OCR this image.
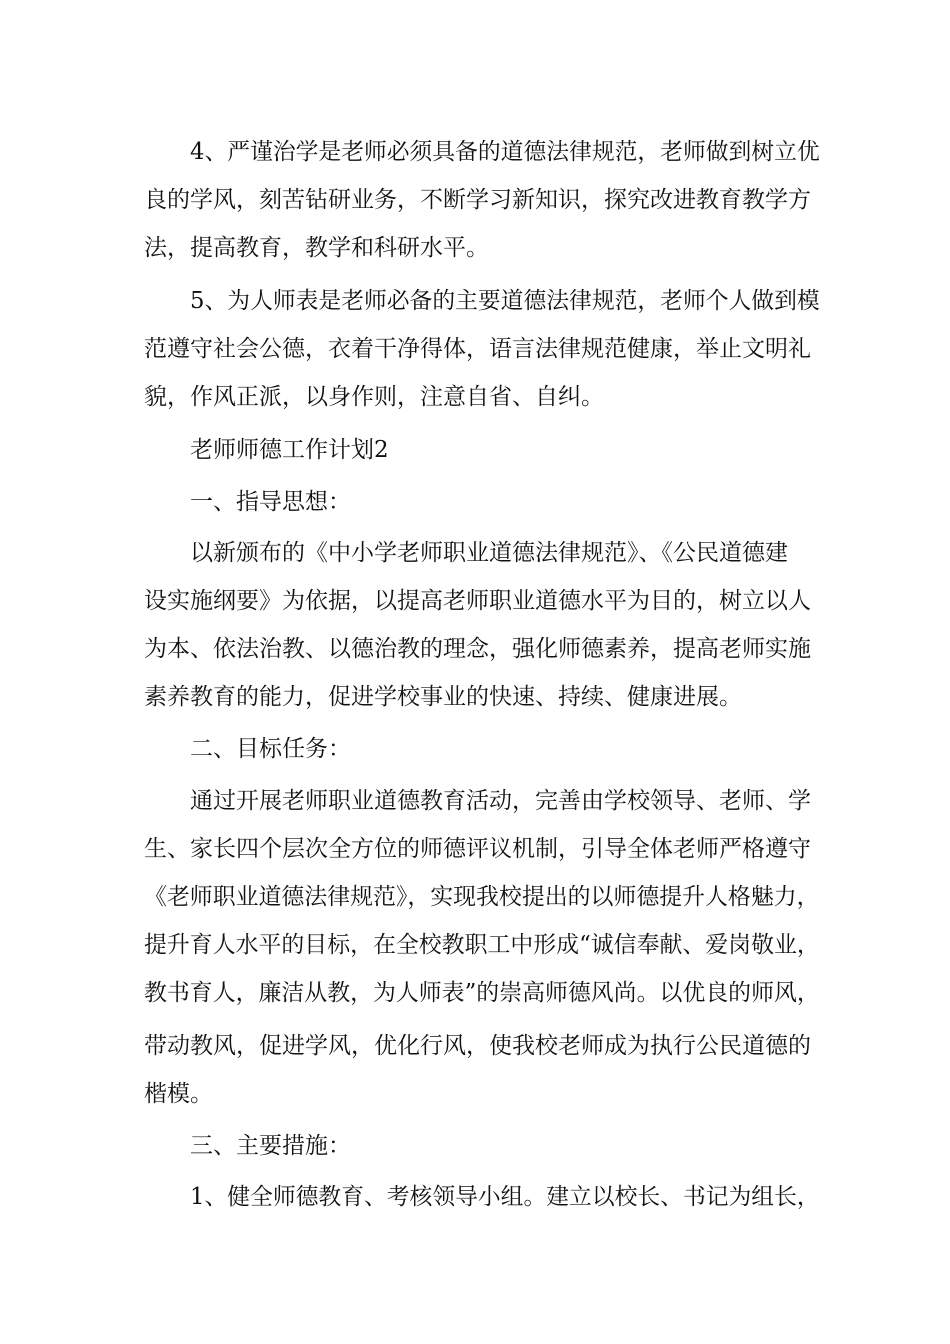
4、严谨治学是老师必须具备的道德法律规范，老师做到树立优
良的学风，刻苦钻研业务，不断学习新知识，探究改进教育教学方
法，提高教育，教学和科研水平。
5、为人师表是老师必备的主要道德法律规范，老师个人做到模
范遵守社会公德，衣着干净得体，语言法律规范健康，举止文明礼
貌，作风正派，以身作则，注意自省、自纠。
老师师德工作计划2
一、指导思想：
以新颁布的《中小学老师职业道德法律规范》、《公民道德建
设实施纲要》为依据，以提高老师职业道德水平为目的，树立以人
为本、依法治教、以德治教的理念，强化师德素养，提高老师实施
素养教育的能力，促进学校事业的快速、持续、健康进展。
二、目标任务：
通过开展老师职业道德教育活动，完善由学校领导、老师、学
生、家长四个层次全方位的师德评议机制，引导全体老师严格遵守
《老师职业道德法律规范》，实现我校提出的以师德提升人格魅力，
提升育人水平的目标，在全校教职工中形成“诚信奉献、爱岗敬业，
教书育人，廉洁从教，为人师表”的崇高师德风尚。以优良的师风，
带动教风，促进学风，优化行风，使我校老师成为执行公民道德的
楷模。
三、主要措施：
1、健全师德教育、考核领导小组。建立以校长、书记为组长，
